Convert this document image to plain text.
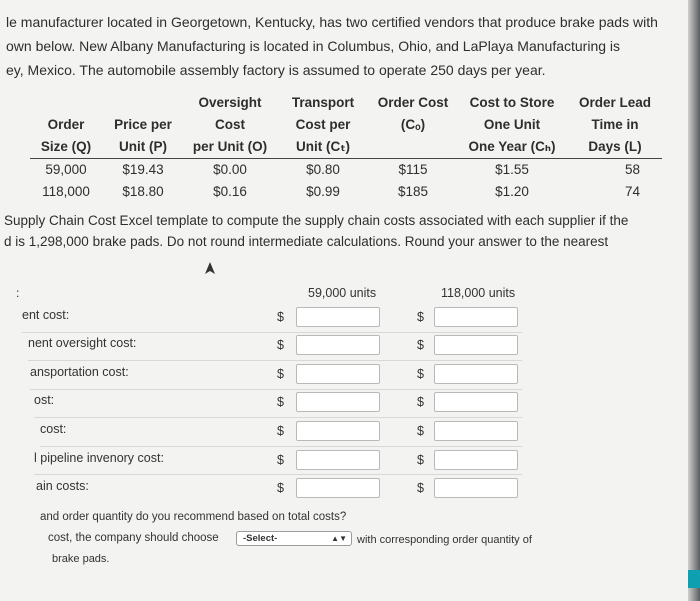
le manufacturer located in Georgetown, Kentucky, has two certified vendors that produce brake pads with

own below. New Albany Manufacturing is located in Columbus, Ohio, and LaPlaya Manufacturing is

ey, Mexico. The automobile assembly factory is assumed to operate 250 days per year.

		Oversight	Transport	Order Cost	Cost to Store	Order Lead
Order	Price per	Cost	Cost per	(Cₒ)	One Unit	Time in
Size (Q)	Unit (P)	per Unit (O)	Unit (Cₜ)		One Year (Cₕ)	Days (L)
59,000	$19.43	$0.00	$0.80	$115	$1.55	58
118,000	$18.80	$0.16	$0.99	$185	$1.20	74

Supply Chain Cost Excel template to compute the supply chain costs associated with each supplier if the

d is 1,298,000 brake pads. Do not round intermediate calculations. Round your answer to the nearest

:	59,000 units	118,000 units
ent cost:	$	$
nent oversight cost:	$	$
ansportation cost:	$	$
ost:	$	$
cost:	$	$
l pipeline invenory cost:	$	$
ain costs:	$	$
and order quantity do you recommend based on total costs?
cost, the company should choose	-Select-	▲▼ with corresponding order quantity of
brake pads.
